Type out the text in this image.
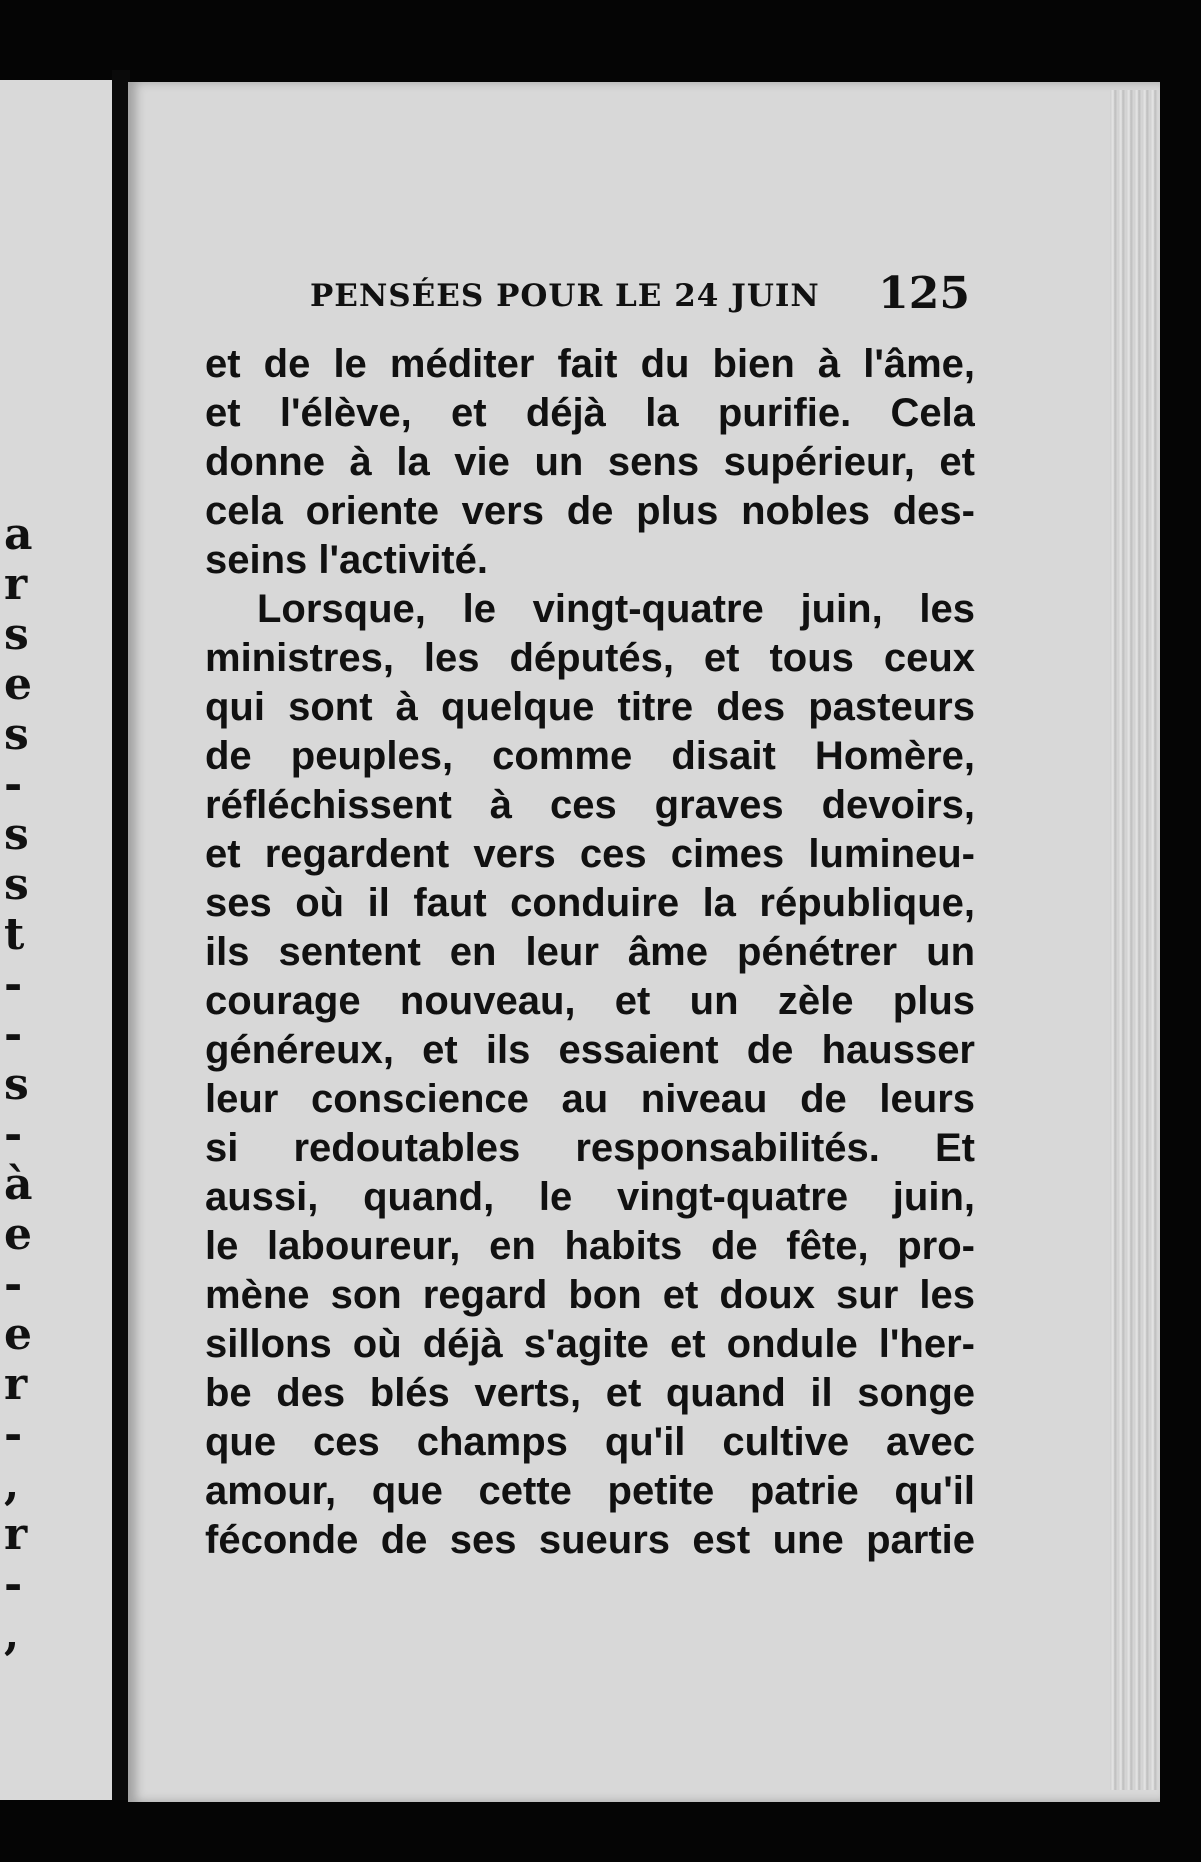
a
r
s
e
s
-
s
s
t
-
-
s
-
à
e
-
e
r
-
,
r
-
,
PENSÉES POUR LE 24 JUIN 125
et de le méditer fait du bien à l'âme,
et l'élève, et déjà la purifie. Cela
donne à la vie un sens supérieur, et
cela oriente vers de plus nobles des-
seins l'activité.
Lorsque, le vingt-quatre juin, les
ministres, les députés, et tous ceux
qui sont à quelque titre des pasteurs
de peuples, comme disait Homère,
réfléchissent à ces graves devoirs,
et regardent vers ces cimes lumineu-
ses où il faut conduire la république,
ils sentent en leur âme pénétrer un
courage nouveau, et un zèle plus
généreux, et ils essaient de hausser
leur conscience au niveau de leurs
si redoutables responsabilités. Et
aussi, quand, le vingt-quatre juin,
le laboureur, en habits de fête, pro-
mène son regard bon et doux sur les
sillons où déjà s'agite et ondule l'her-
be des blés verts, et quand il songe
que ces champs qu'il cultive avec
amour, que cette petite patrie qu'il
féconde de ses sueurs est une partie
